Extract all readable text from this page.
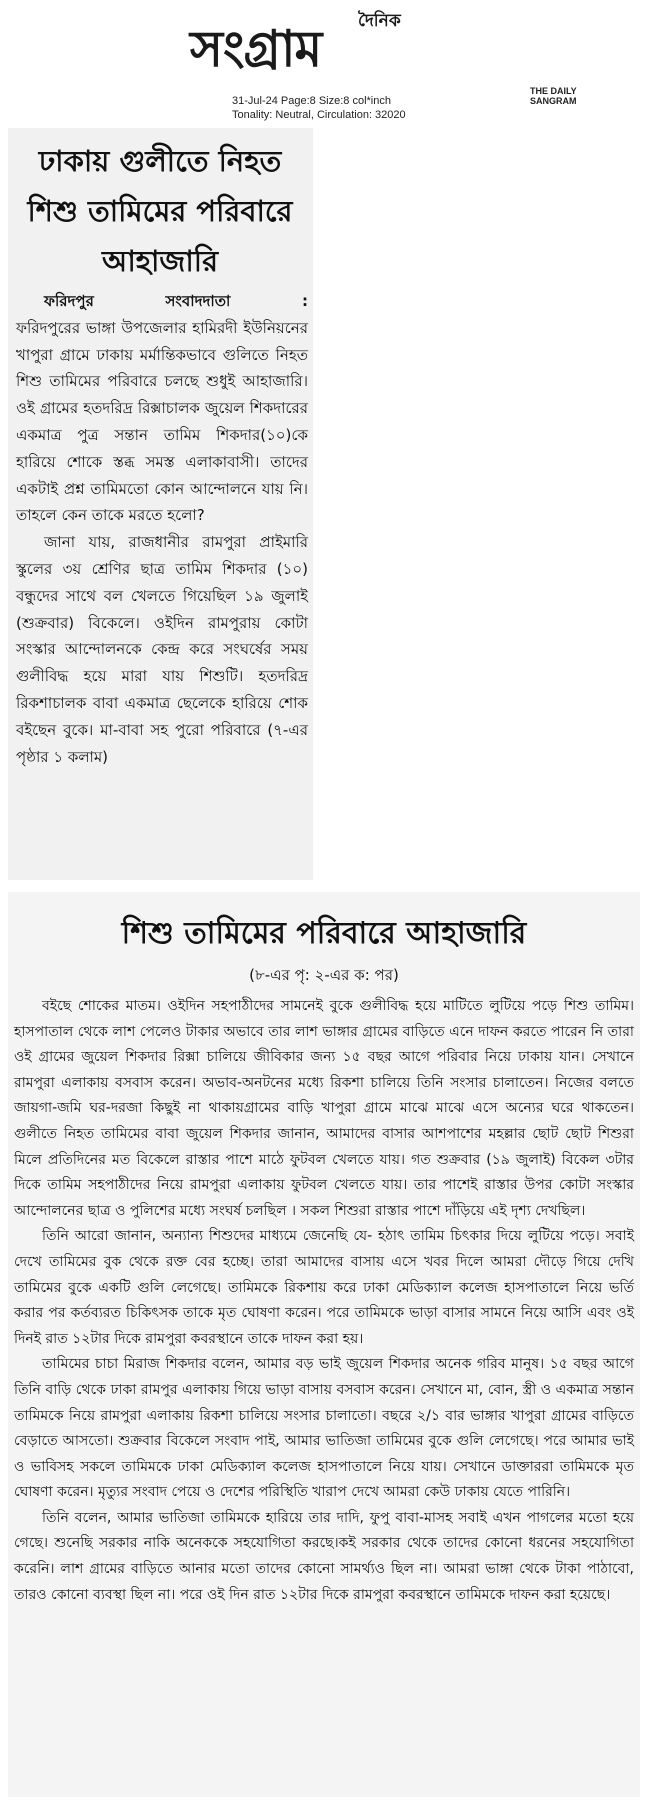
দৈনিক
সংগ্রাম
THE DAILY SANGRAM
31-Jul-24 Page:8 Size:8 col*inch
Tonality: Neutral, Circulation: 32020
ঢাকায় গুলীতে নিহত
শিশু তামিমের পরিবারে
আহাজারি
ফরিদপুর	সংবাদদাতা	:

ফরিদপুরের ভাঙ্গা উপজেলার হামিরদী ইউনিয়নের খাপুরা গ্রামে ঢাকায় মর্মান্তিকভাবে গুলিতে নিহত শিশু তামিমের পরিবারে চলছে শুধুই আহাজারি। ওই গ্রামের হতদরিদ্র রিক্সাচালক জুয়েল শিকদারের একমাত্র পুত্র সন্তান তামিম শিকদার(১০)কে হারিয়ে শোকে স্তব্ধ সমস্ত এলাকাবাসী। তাদের একটাই প্রশ্ন তামিমতো কোন আন্দোলনে যায় নি। তাহলে কেন তাকে মরতে হলো?

জানা যায়, রাজধানীর রামপুরা প্রাইমারি স্কুলের ৩য় শ্রেণির ছাত্র তামিম শিকদার (১০) বন্ধুদের সাথে বল খেলতে গিয়েছিল ১৯ জুলাই (শুক্রবার) বিকেলে। ওইদিন রামপুরায় কোটা সংস্কার আন্দোলনকে কেন্দ্র করে সংঘর্ষের সময় গুলীবিদ্ধ হয়ে মারা যায় শিশুটি। হতদরিদ্র রিকশাচালক বাবা একমাত্র ছেলেকে হারিয়ে শোক বইছেন বুকে। মা-বাবা সহ পুরো পরিবারে (৭-এর পৃষ্ঠার ১ কলাম)

শিশু তামিমের পরিবারে আহাজারি
(৮-এর পৃ: ২-এর ক: পর)

বইছে শোকের মাতম। ওইদিন সহপাঠীদের সামনেই বুকে গুলীবিদ্ধ হয়ে মাটিতে লুটিয়ে পড়ে শিশু তামিম। হাসপাতাল থেকে লাশ পেলেও টাকার অভাবে তার লাশ ভাঙ্গার গ্রামের বাড়িতে এনে দাফন করতে পারেন নি তারা ওই গ্রামের জুয়েল শিকদার রিক্সা চালিয়ে জীবিকার জন্য ১৫ বছর আগে পরিবার নিয়ে ঢাকায় যান। সেখানে রামপুরা এলাকায় বসবাস করেন। অভাব-অনটনের মধ্যে রিকশা চালিয়ে তিনি সংসার চালাতেন। নিজের বলতে জায়গা-জমি ঘর-দরজা কিছুই না থাকায়গ্রামের বাড়ি খাপুরা গ্রামে মাঝে মাঝে এসে অন্যের ঘরে থাকতেন। গুলীতে নিহত তামিমের বাবা জুয়েল শিকদার জানান, আমাদের বাসার আশপাশের মহল্লার ছোট ছোট শিশুরা মিলে প্রতিদিনের মত বিকেলে রাস্তার পাশে মাঠে ফুটবল খেলতে যায়। গত শুক্রবার (১৯ জুলাই) বিকেল ৩টার দিকে তামিম সহপাঠীদের নিয়ে রামপুরা এলাকায় ফুটবল খেলতে যায়। তার পাশেই রাস্তার উপর কোটা সংস্কার আন্দোলনের ছাত্র ও পুলিশের মধ্যে সংঘর্ষ চলছিল । সকল শিশুরা রাস্তার পাশে দাঁড়িয়ে এই দৃশ্য দেখছিল।

তিনি আরো জানান, অন্যান্য শিশুদের মাধ্যমে জেনেছি যে- হঠাৎ তামিম চিৎকার দিয়ে লুটিয়ে পড়ে। সবাই দেখে তামিমের বুক থেকে রক্ত বের হচ্ছে। তারা আমাদের বাসায় এসে খবর দিলে আমরা দৌড়ে গিয়ে দেখি তামিমের বুকে একটি গুলি লেগেছে। তামিমকে রিকশায় করে ঢাকা মেডিক্যাল কলেজ হাসপাতালে নিয়ে ভর্তি করার পর কর্তব্যরত চিকিৎসক তাকে মৃত ঘোষণা করেন। পরে তামিমকে ভাড়া বাসার সামনে নিয়ে আসি এবং ওই দিনই রাত ১২টার দিকে রামপুরা কবরস্থানে তাকে দাফন করা হয়।

তামিমের চাচা মিরাজ শিকদার বলেন, আমার বড় ভাই জুয়েল শিকদার অনেক গরিব মানুষ। ১৫ বছর আগে তিনি বাড়ি থেকে ঢাকা রামপুর এলাকায় গিয়ে ভাড়া বাসায় বসবাস করেন। সেখানে মা, বোন, স্ত্রী ও একমাত্র সন্তান তামিমকে নিয়ে রামপুরা এলাকায় রিকশা চালিয়ে সংসার চালাতো। বছরে ২/১ বার ভাঙ্গার খাপুরা গ্রামের বাড়িতে বেড়াতে আসতো। শুক্রবার বিকেলে সংবাদ পাই, আমার ভাতিজা তামিমের বুকে গুলি লেগেছে। পরে আমার ভাই ও ভাবিসহ সকলে তামিমকে ঢাকা মেডিক্যাল কলেজ হাসপাতালে নিয়ে যায়। সেখানে ডাক্তাররা তামিমকে মৃত ঘোষণা করেন। মৃত্যুর সংবাদ পেয়ে ও দেশের পরিস্থিতি খারাপ দেখে আমরা কেউ ঢাকায় যেতে পারিনি।

তিনি বলেন, আমার ভাতিজা তামিমকে হারিয়ে তার দাদি, ফুপু বাবা-মাসহ সবাই এখন পাগলের মতো হয়ে গেছে। শুনেছি সরকার নাকি অনেককে সহযোগিতা করছে।কই সরকার থেকে তাদের কোনো ধরনের সহযোগিতা করেনি। লাশ গ্রামের বাড়িতে আনার মতো তাদের কোনো সামর্থ্যও ছিল না। আমরা ভাঙ্গা থেকে টাকা পাঠাবো, তারও কোনো ব্যবস্থা ছিল না। পরে ওই দিন রাত ১২টার দিকে রামপুরা কবরস্থানে তামিমকে দাফন করা হয়েছে।
